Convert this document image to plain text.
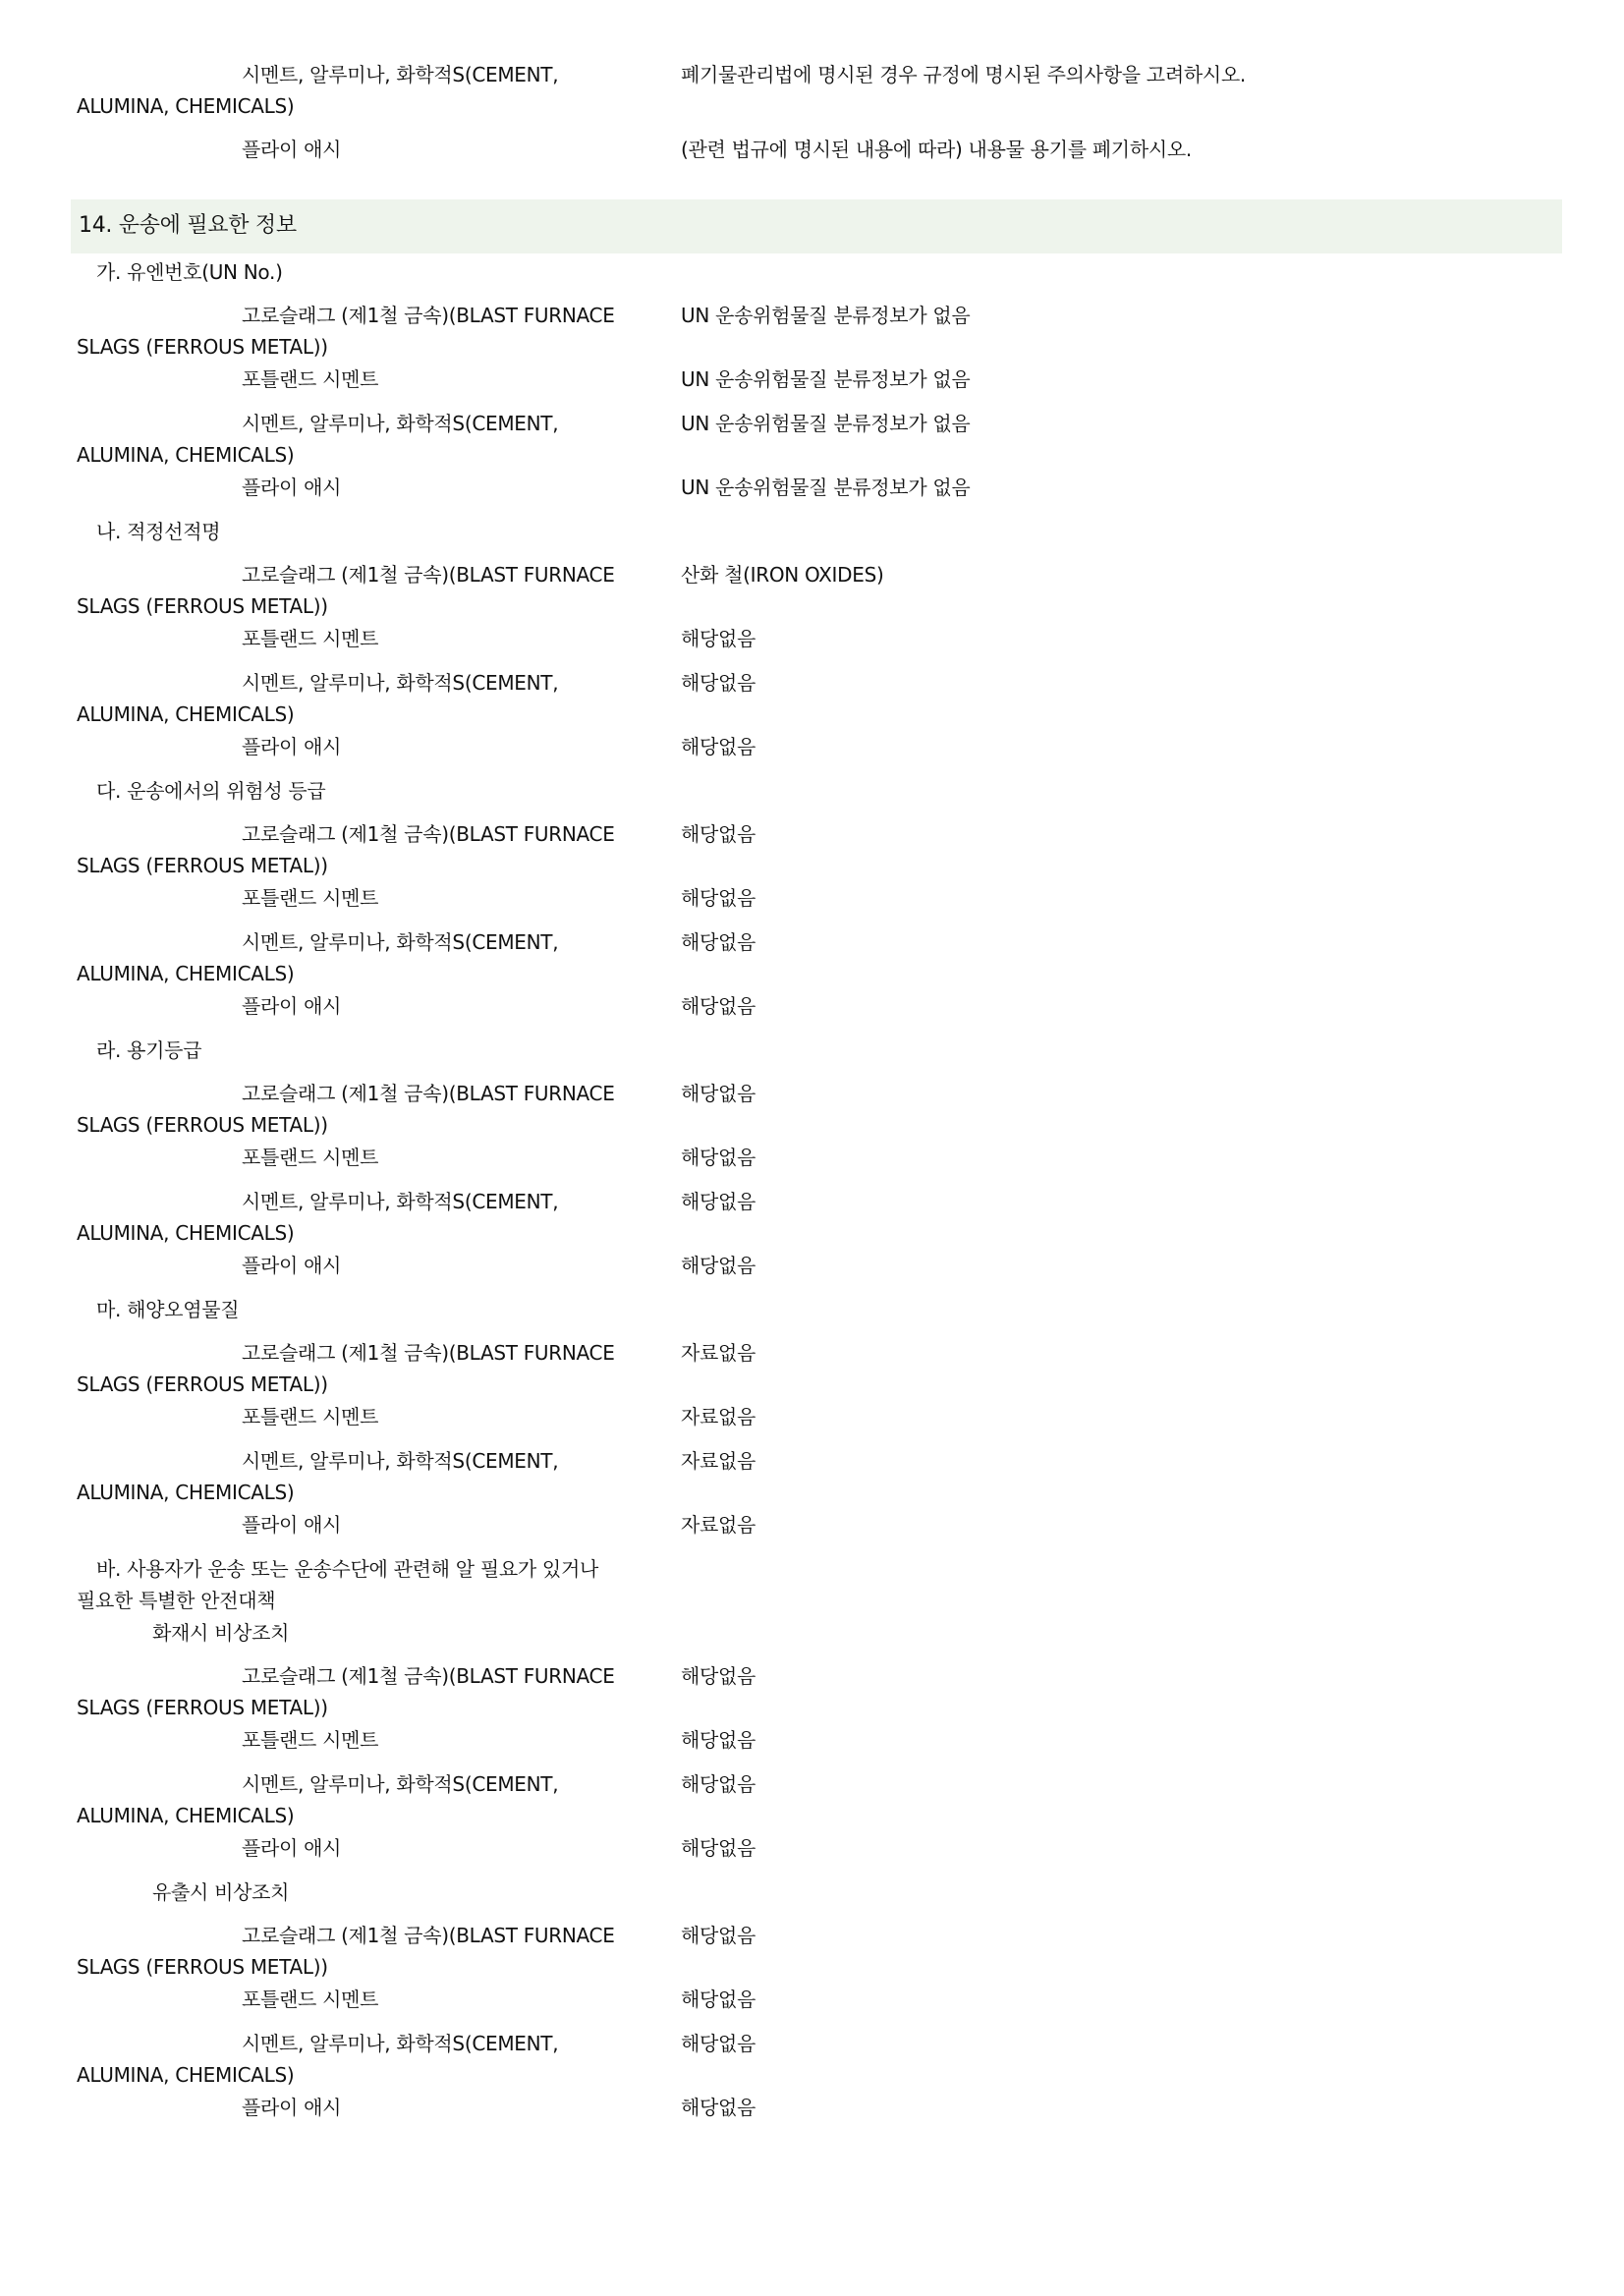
시멘트, 알루미나, 화학적S(CEMENT,	폐기물관리법에 명시된 경우 규정에 명시된 주의사항을 고려하시오.
ALUMINA, CHEMICALS)
플라이 애시	(관련 법규에 명시된 내용에 따라) 내용물 용기를 폐기하시오.
14. 운송에 필요한 정보
가. 유엔번호(UN No.)
고로슬래그 (제1철 금속)(BLAST FURNACE	UN 운송위험물질 분류정보가 없음
SLAGS (FERROUS METAL))
포틀랜드 시멘트	UN 운송위험물질 분류정보가 없음
시멘트, 알루미나, 화학적S(CEMENT,	UN 운송위험물질 분류정보가 없음
ALUMINA, CHEMICALS)
플라이 애시	UN 운송위험물질 분류정보가 없음
나. 적정선적명
고로슬래그 (제1철 금속)(BLAST FURNACE	산화 철(IRON OXIDES)
SLAGS (FERROUS METAL))
포틀랜드 시멘트	해당없음
시멘트, 알루미나, 화학적S(CEMENT,	해당없음
ALUMINA, CHEMICALS)
플라이 애시	해당없음
다. 운송에서의 위험성 등급
고로슬래그 (제1철 금속)(BLAST FURNACE	해당없음
SLAGS (FERROUS METAL))
포틀랜드 시멘트	해당없음
시멘트, 알루미나, 화학적S(CEMENT,	해당없음
ALUMINA, CHEMICALS)
플라이 애시	해당없음
라. 용기등급
고로슬래그 (제1철 금속)(BLAST FURNACE	해당없음
SLAGS (FERROUS METAL))
포틀랜드 시멘트	해당없음
시멘트, 알루미나, 화학적S(CEMENT,	해당없음
ALUMINA, CHEMICALS)
플라이 애시	해당없음
마. 해양오염물질
고로슬래그 (제1철 금속)(BLAST FURNACE	자료없음
SLAGS (FERROUS METAL))
포틀랜드 시멘트	자료없음
시멘트, 알루미나, 화학적S(CEMENT,	자료없음
ALUMINA, CHEMICALS)
플라이 애시	자료없음
바. 사용자가 운송 또는 운송수단에 관련해 알 필요가 있거나
필요한 특별한 안전대책
화재시 비상조치
고로슬래그 (제1철 금속)(BLAST FURNACE	해당없음
SLAGS (FERROUS METAL))
포틀랜드 시멘트	해당없음
시멘트, 알루미나, 화학적S(CEMENT,	해당없음
ALUMINA, CHEMICALS)
플라이 애시	해당없음
유출시 비상조치
고로슬래그 (제1철 금속)(BLAST FURNACE	해당없음
SLAGS (FERROUS METAL))
포틀랜드 시멘트	해당없음
시멘트, 알루미나, 화학적S(CEMENT,	해당없음
ALUMINA, CHEMICALS)
플라이 애시	해당없음
